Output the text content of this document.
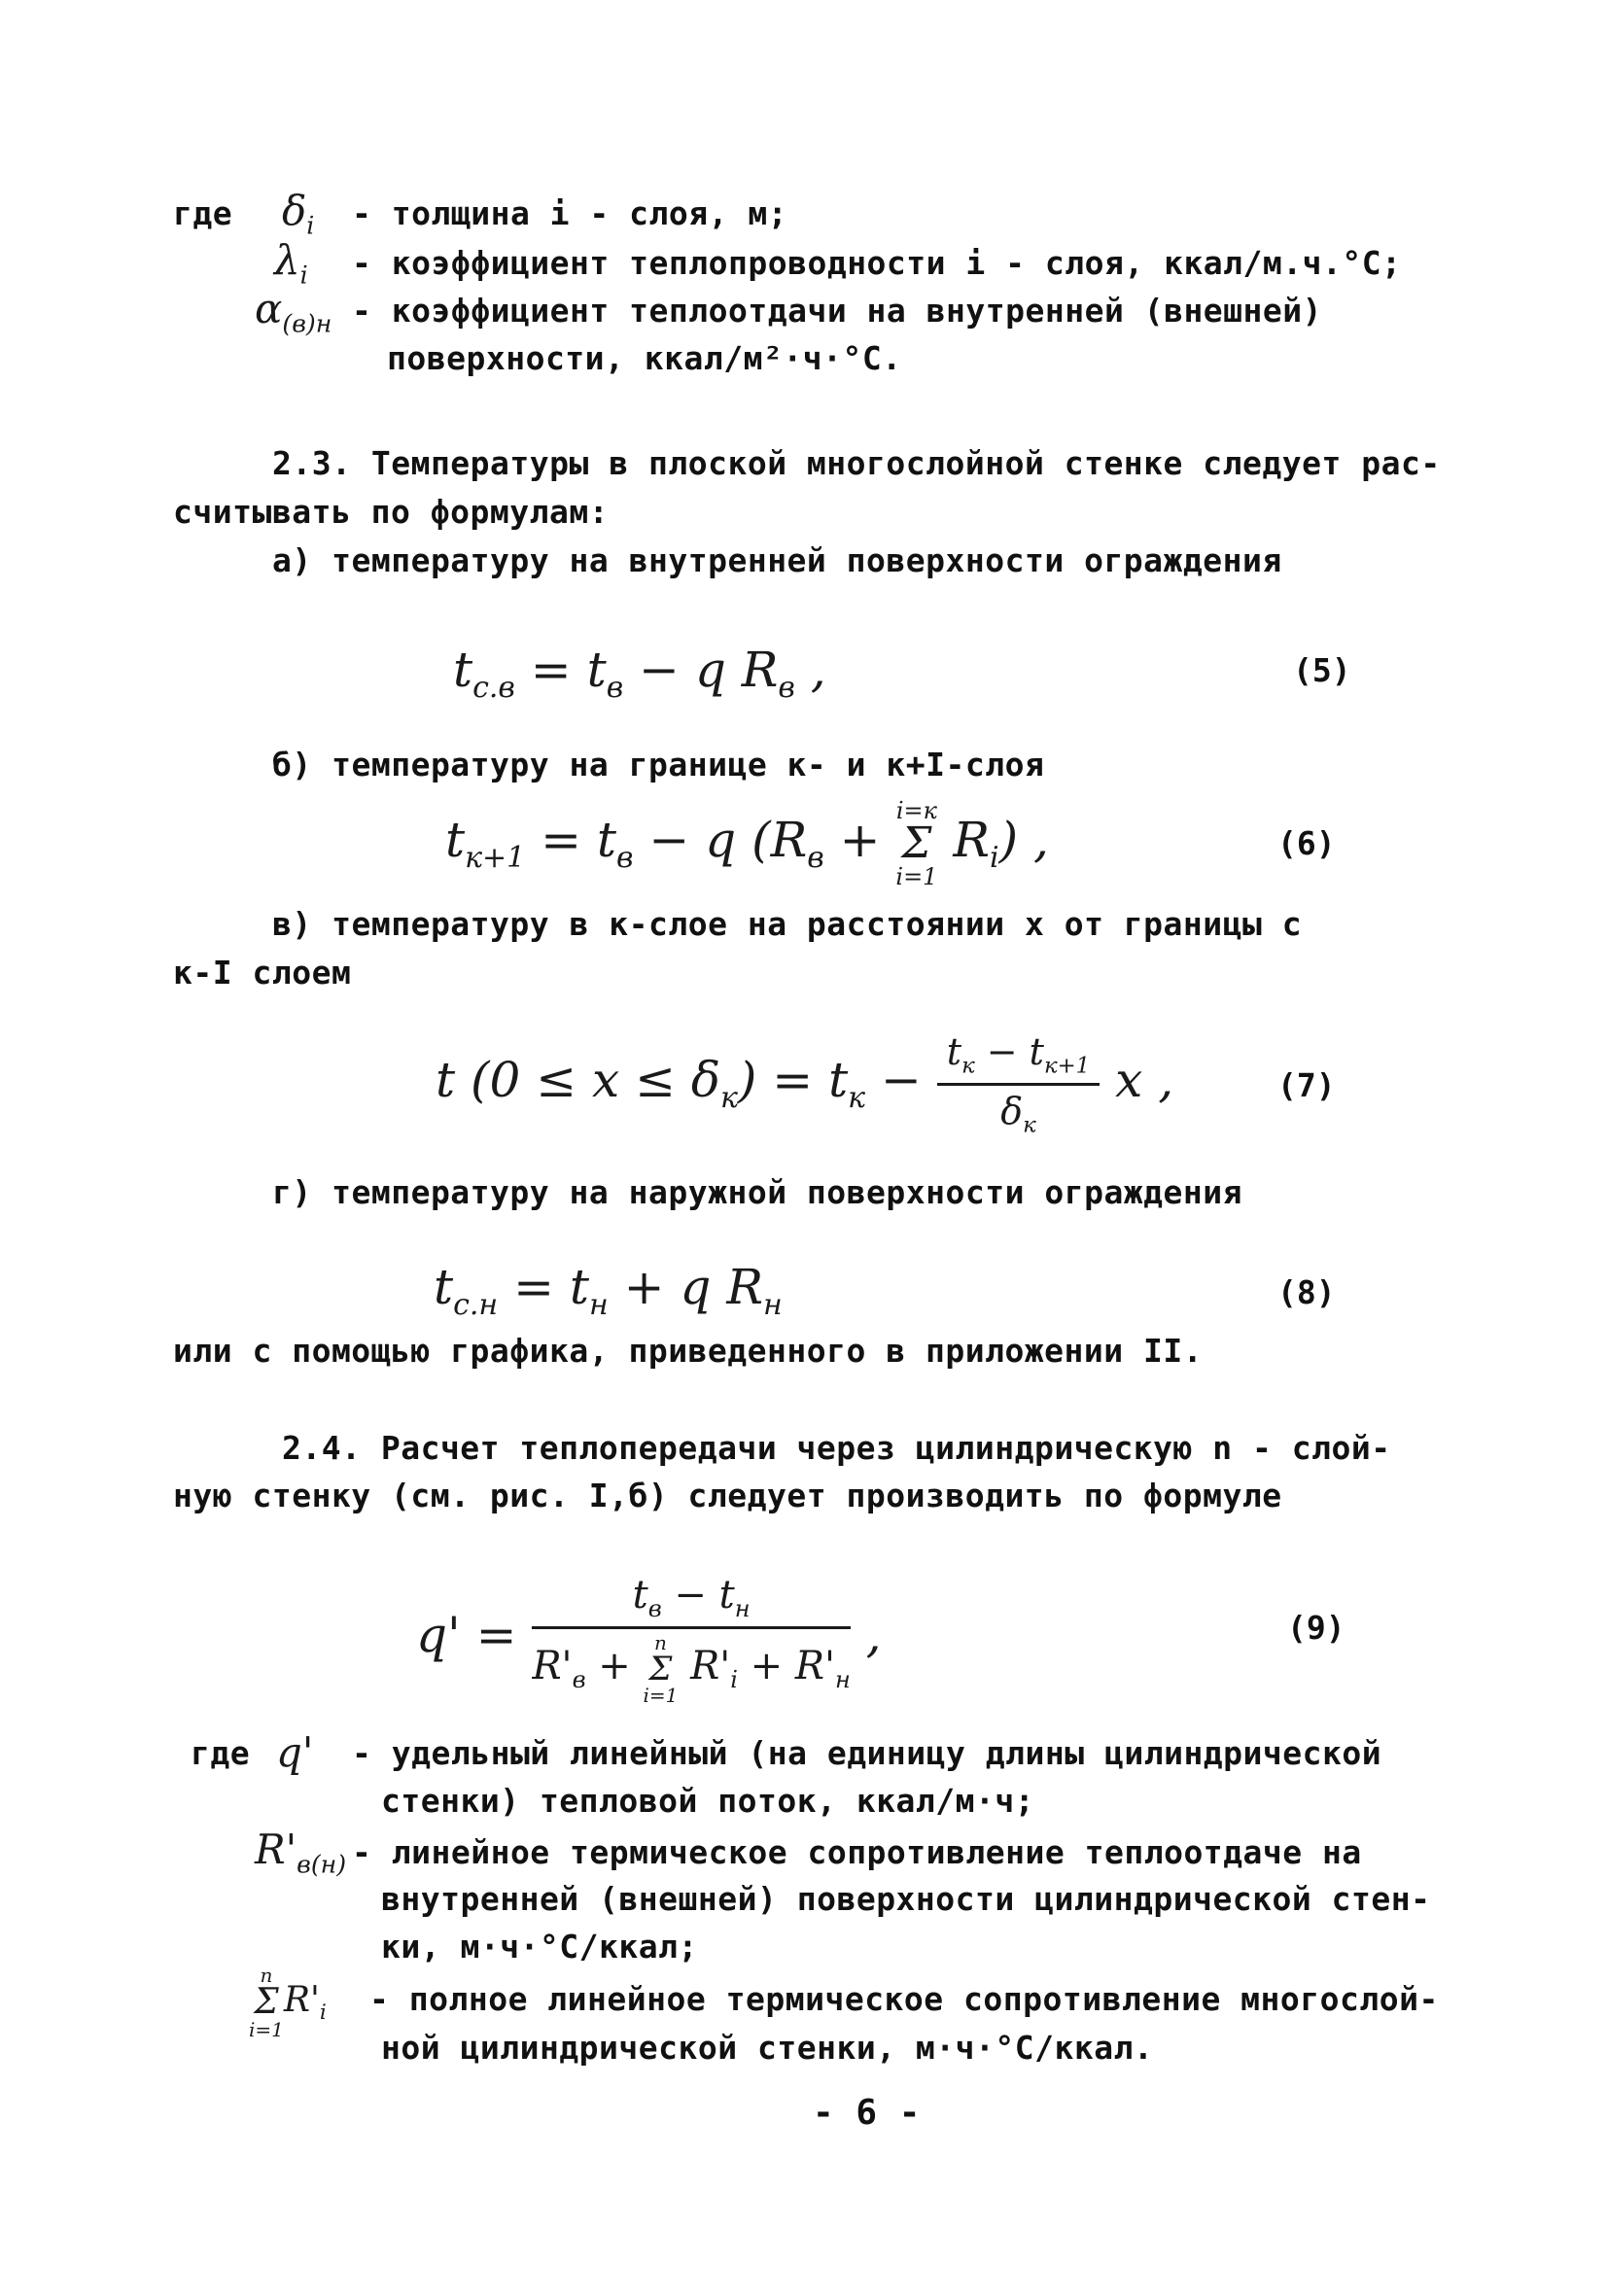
где $\delta_i$ - толщина i - слоя, м;
$\lambda_i$ - коэффициент теплопроводности i - слоя, ккал/м.ч.°С;
$\alpha_{(в)н}$ - коэффициент теплоотдачи на внутренней (внешней)
поверхности, ккал/м²·ч·°С.
2.3. Температуры в плоской многослойной стенке следует рас-
считывать по формулам:
а) температуру на внутренней поверхности ограждения
$t_{c.в} = t_в - q$ $R_в$ ,	(5)
б) температуру на границе к- и к+I-слоя
$t_{к+1} = t_в - q$ ($R_в$ +
i=к
Σ
i=1
$R_i$) ,	(6)
в) температуру в к-слое на расстоянии х от границы с
к-I слоем
t $(0 \le x \le \delta_к) = t_к - \frac{t_к - t_{к+1}}{\delta_к}$ x ,	(7)
г) температуру на наружной поверхности ограждения
$t_{c.н} = t_н + q$ $R_н$	(8)
или с помощью графика, приведенного в приложении II.
2.4. Расчет теплопередачи через цилиндрическую n - слой-
ную стенку (см. рис. I,б) следует производить по формуле
$q' = t_в - t_н$
$R'_в$ +
n
Σ
i=1
$R'_i + R'_н$ ,	(9)
где q' - удельный линейный (на единицу длины цилиндрической
стенки) тепловой поток, ккал/м·ч;
$R'_{в(н)}$ - линейное термическое сопротивление теплоотдаче на
внутренней (внешней) поверхности цилиндрической стен-
ки, м·ч·°С/ккал;
n
Σ
i=1
$R'_i$ - полное линейное термическое сопротивление многослой-
ной цилиндрической стенки, м·ч·°С/ккал.
- 6 -
